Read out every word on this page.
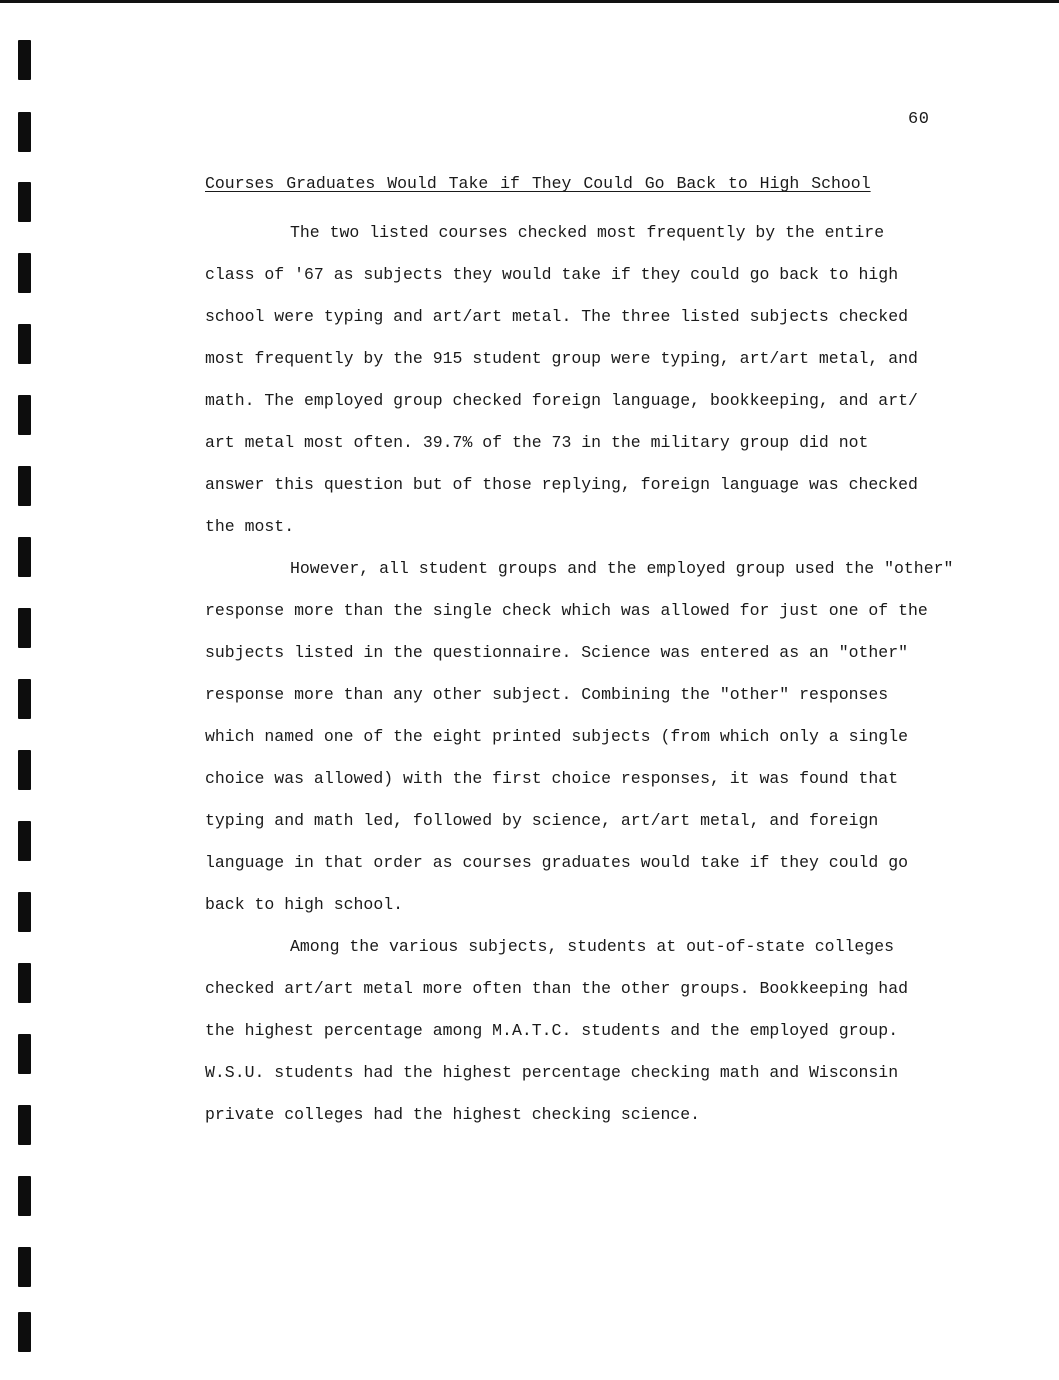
60
Courses Graduates Would Take if They Could Go Back to High School

The two listed courses checked most frequently by the entire
class of '67 as subjects they would take if they could go back to high
school were typing and art/art metal. The three listed subjects checked
most frequently by the 915 student group were typing, art/art metal, and
math. The employed group checked foreign language, bookkeeping, and art/
art metal most often. 39.7% of the 73 in the military group did not
answer this question but of those replying, foreign language was checked
the most.

However, all student groups and the employed group used the "other"
response more than the single check which was allowed for just one of the
subjects listed in the questionnaire. Science was entered as an "other"
response more than any other subject. Combining the "other" responses
which named one of the eight printed subjects (from which only a single
choice was allowed) with the first choice responses, it was found that
typing and math led, followed by science, art/art metal, and foreign
language in that order as courses graduates would take if they could go
back to high school.

Among the various subjects, students at out-of-state colleges
checked art/art metal more often than the other groups. Bookkeeping had
the highest percentage among M.A.T.C. students and the employed group.
W.S.U. students had the highest percentage checking math and Wisconsin
private colleges had the highest checking science.
